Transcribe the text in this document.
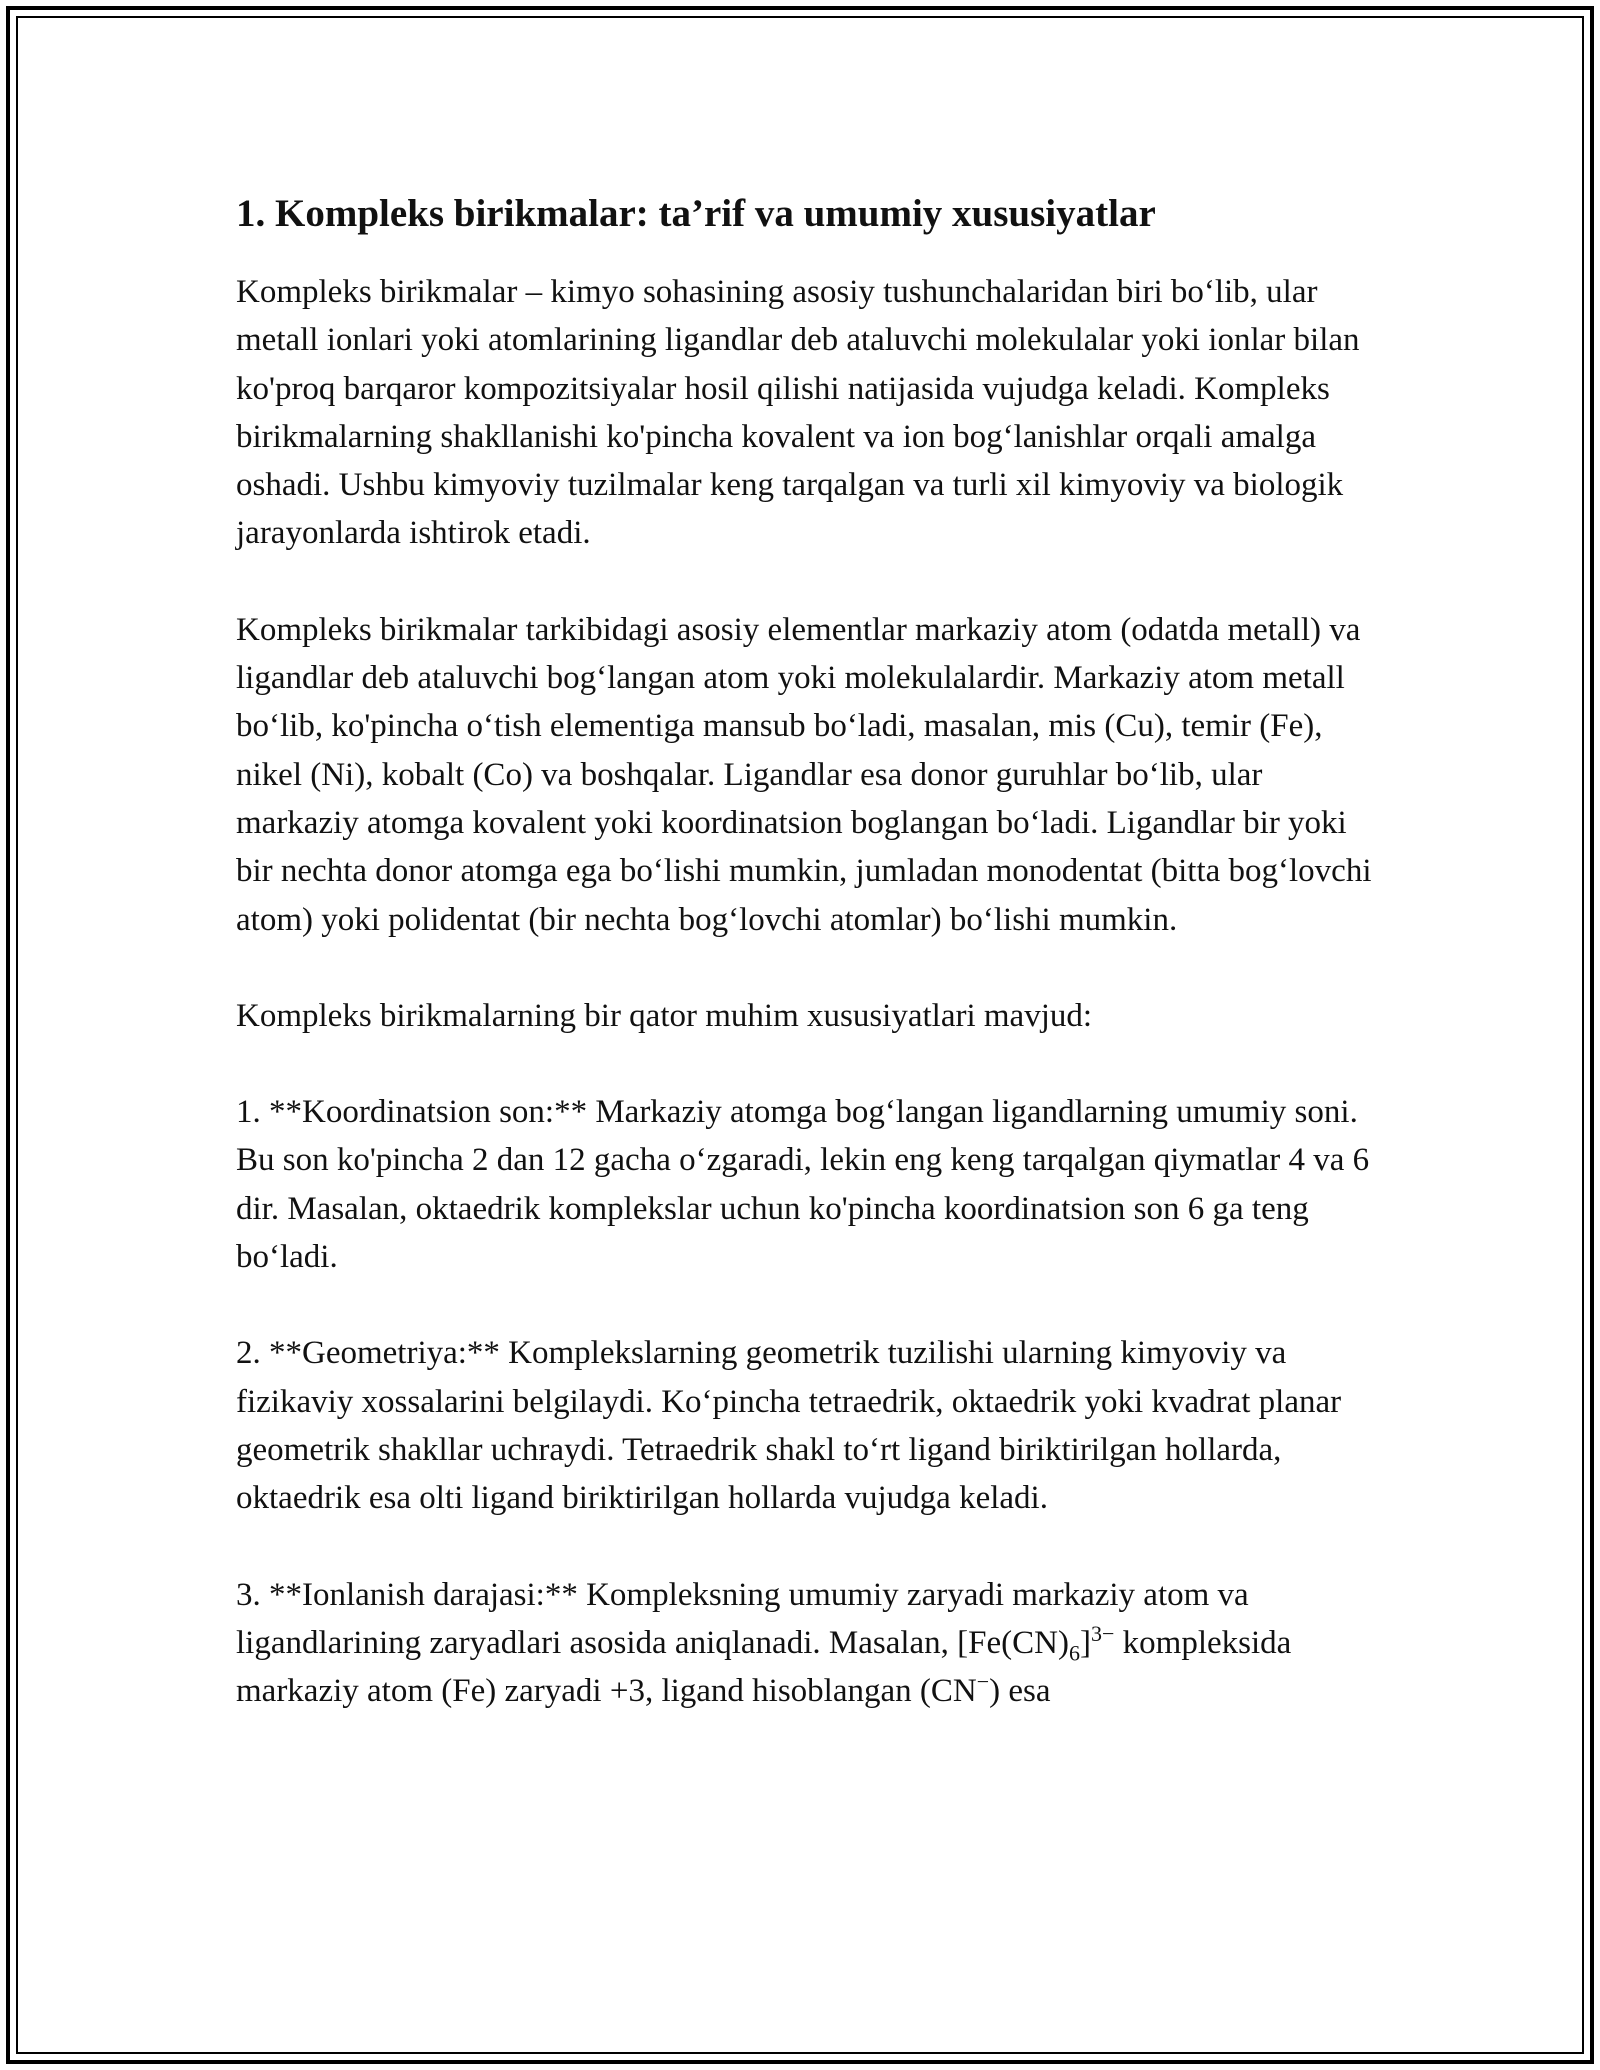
1. Kompleks birikmalar: ta’rif va umumiy xususiyatlar

Kompleks birikmalar – kimyo sohasining asosiy tushunchalaridan biri bo‘lib, ular metall ionlari yoki atomlarining ligandlar deb ataluvchi molekulalar yoki ionlar bilan ko'proq barqaror kompozitsiyalar hosil qilishi natijasida vujudga keladi. Kompleks birikmalarning shakllanishi ko'pincha kovalent va ion bog‘lanishlar orqali amalga oshadi. Ushbu kimyoviy tuzilmalar keng tarqalgan va turli xil kimyoviy va biologik jarayonlarda ishtirok etadi.

Kompleks birikmalar tarkibidagi asosiy elementlar markaziy atom (odatda metall) va ligandlar deb ataluvchi bog‘langan atom yoki molekulalardir. Markaziy atom metall bo‘lib, ko'pincha o‘tish elementiga mansub bo‘ladi, masalan, mis (Cu), temir (Fe), nikel (Ni), kobalt (Co) va boshqalar. Ligandlar esa donor guruhlar bo‘lib, ular markaziy atomga kovalent yoki koordinatsion boglangan bo‘ladi. Ligandlar bir yoki bir nechta donor atomga ega bo‘lishi mumkin, jumladan monodentat (bitta bog‘lovchi atom) yoki polidentat (bir nechta bog‘lovchi atomlar) bo‘lishi mumkin.

Kompleks birikmalarning bir qator muhim xususiyatlari mavjud:

1. **Koordinatsion son:** Markaziy atomga bog‘langan ligandlarning umumiy soni. Bu son ko'pincha 2 dan 12 gacha o‘zgaradi, lekin eng keng tarqalgan qiymatlar 4 va 6 dir. Masalan, oktaedrik komplekslar uchun ko'pincha koordinatsion son 6 ga teng bo‘ladi.

2. **Geometriya:** Komplekslarning geometrik tuzilishi ularning kimyoviy va fizikaviy xossalarini belgilaydi. Ko‘pincha tetraedrik, oktaedrik yoki kvadrat planar geometrik shakllar uchraydi. Tetraedrik shakl to‘rt ligand biriktirilgan hollarda, oktaedrik esa olti ligand biriktirilgan hollarda vujudga keladi.

3. **Ionlanish darajasi:** Kompleksning umumiy zaryadi markaziy atom va ligandlarining zaryadlari asosida aniqlanadi. Masalan, $[Fe(CN)_6]^{3-}$ kompleksida markaziy atom (Fe) zaryadi +3, ligand hisoblangan (CN−) esa
